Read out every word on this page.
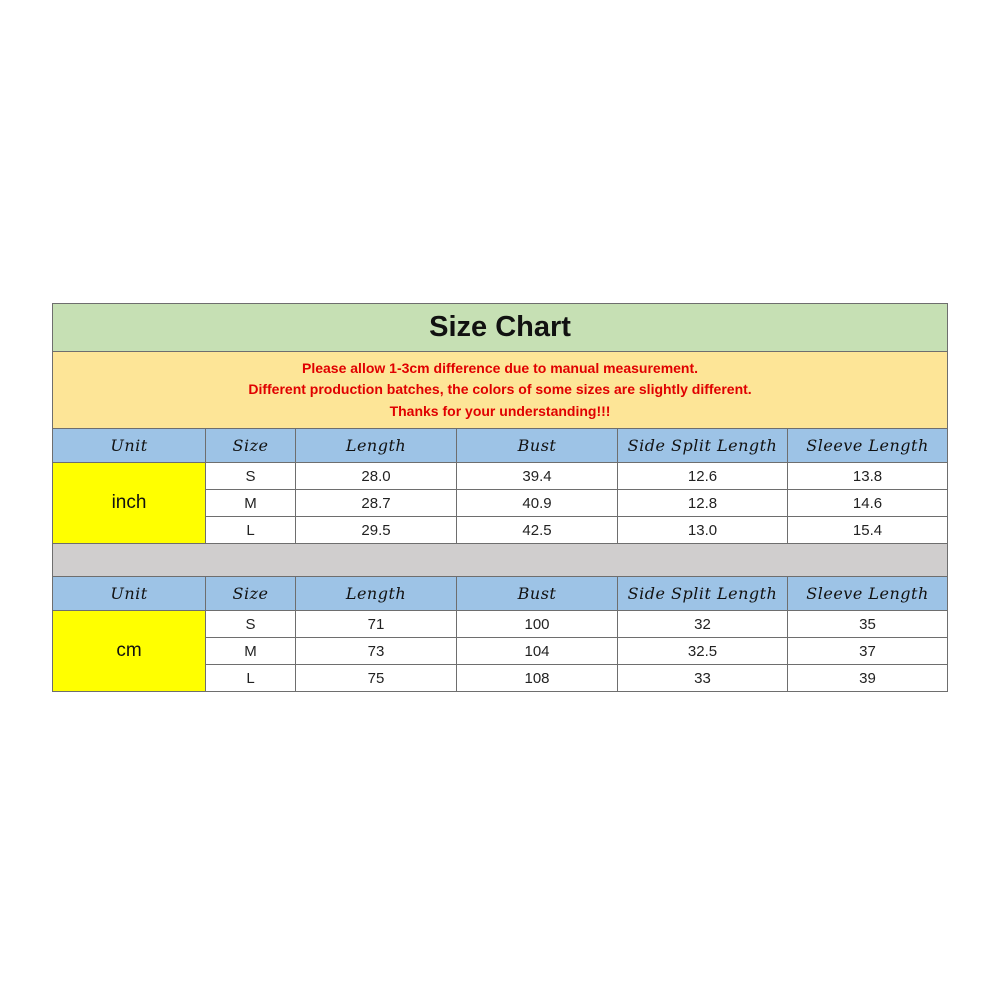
Size Chart					

Please allow 1-3cm difference due to manual measurement.
Different production batches, the colors of some sizes are slightly different.
Thanks for your understanding!!!					

Unit	Size	Length	Bust	Side Split Length	Sleeve Length
inch	S	28.0	39.4	12.6	13.8
	M	28.7	40.9	12.8	14.6
	L	29.5	42.5	13.0	15.4

Unit	Size	Length	Bust	Side Split Length	Sleeve Length
cm	S	71	100	32	35
	M	73	104	32.5	37
	L	75	108	33	39
